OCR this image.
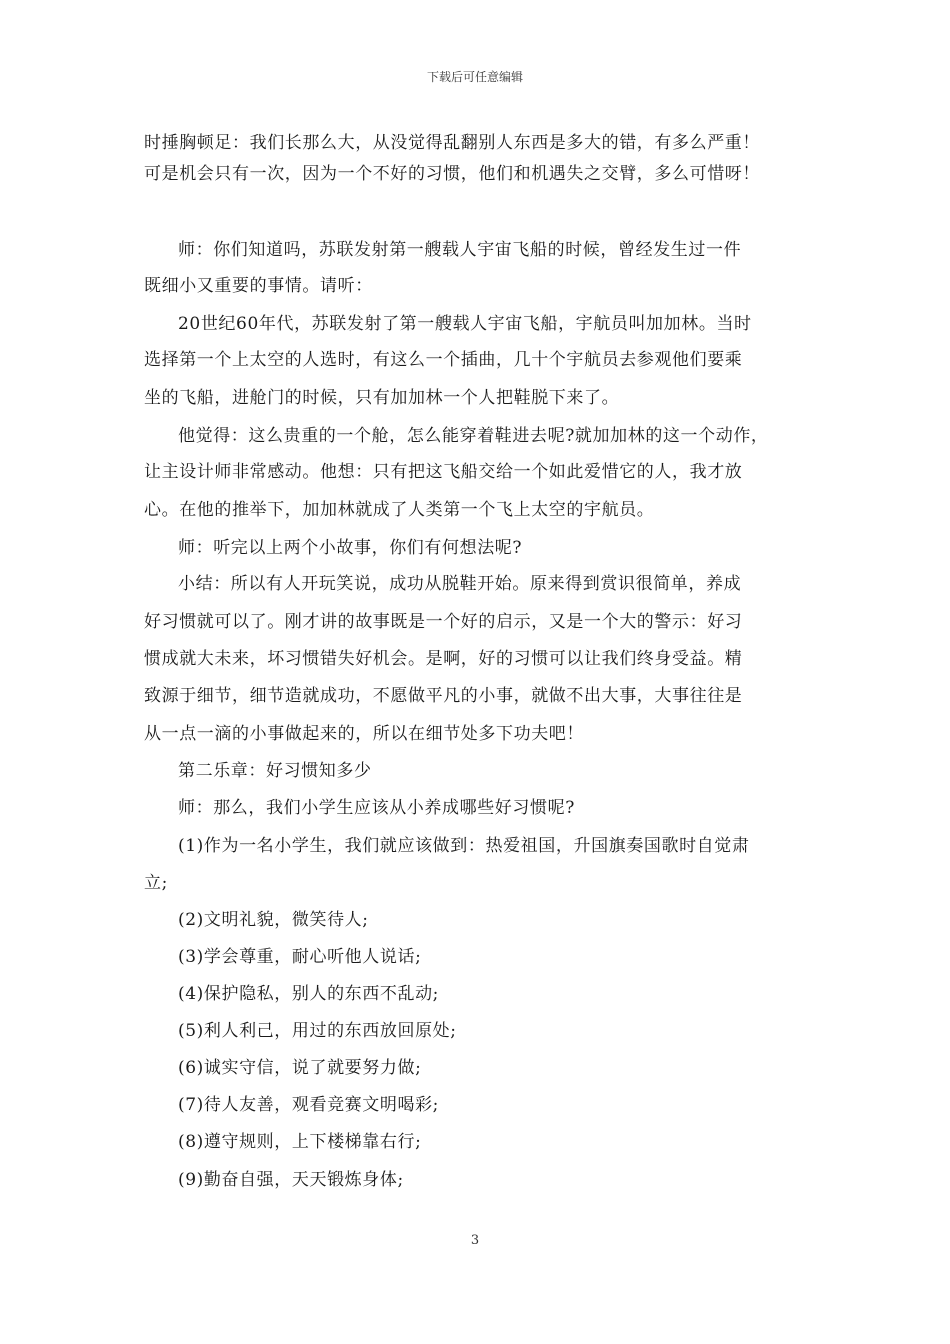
下载后可任意编辑
时捶胸顿足：我们长那么大，从没觉得乱翻别人东西是多大的错，有多么严重！
可是机会只有一次，因为一个不好的习惯，他们和机遇失之交臂，多么可惜呀！
师：你们知道吗，苏联发射第一艘载人宇宙飞船的时候，曾经发生过一件
既细小又重要的事情。请听：
20世纪60年代，苏联发射了第一艘载人宇宙飞船，宇航员叫加加林。当时
选择第一个上太空的人选时，有这么一个插曲，几十个宇航员去参观他们要乘
坐的飞船，进舱门的时候，只有加加林一个人把鞋脱下来了。
他觉得：这么贵重的一个舱，怎么能穿着鞋进去呢?就加加林的这一个动作，
让主设计师非常感动。他想：只有把这飞船交给一个如此爱惜它的人，我才放
心。在他的推举下，加加林就成了人类第一个飞上太空的宇航员。
师：听完以上两个小故事，你们有何想法呢?
小结：所以有人开玩笑说，成功从脱鞋开始。原来得到赏识很简单，养成
好习惯就可以了。刚才讲的故事既是一个好的启示，又是一个大的警示：好习
惯成就大未来，坏习惯错失好机会。是啊，好的习惯可以让我们终身受益。精
致源于细节，细节造就成功，不愿做平凡的小事，就做不出大事，大事往往是
从一点一滴的小事做起来的，所以在细节处多下功夫吧！
第二乐章：好习惯知多少
师：那么，我们小学生应该从小养成哪些好习惯呢?
(1)作为一名小学生，我们就应该做到：热爱祖国，升国旗奏国歌时自觉肃
立;
(2)文明礼貌，微笑待人;
(3)学会尊重，耐心听他人说话;
(4)保护隐私，别人的东西不乱动;
(5)利人利己，用过的东西放回原处;
(6)诚实守信，说了就要努力做;
(7)待人友善，观看竞赛文明喝彩;
(8)遵守规则，上下楼梯靠右行;
(9)勤奋自强，天天锻炼身体;
3
